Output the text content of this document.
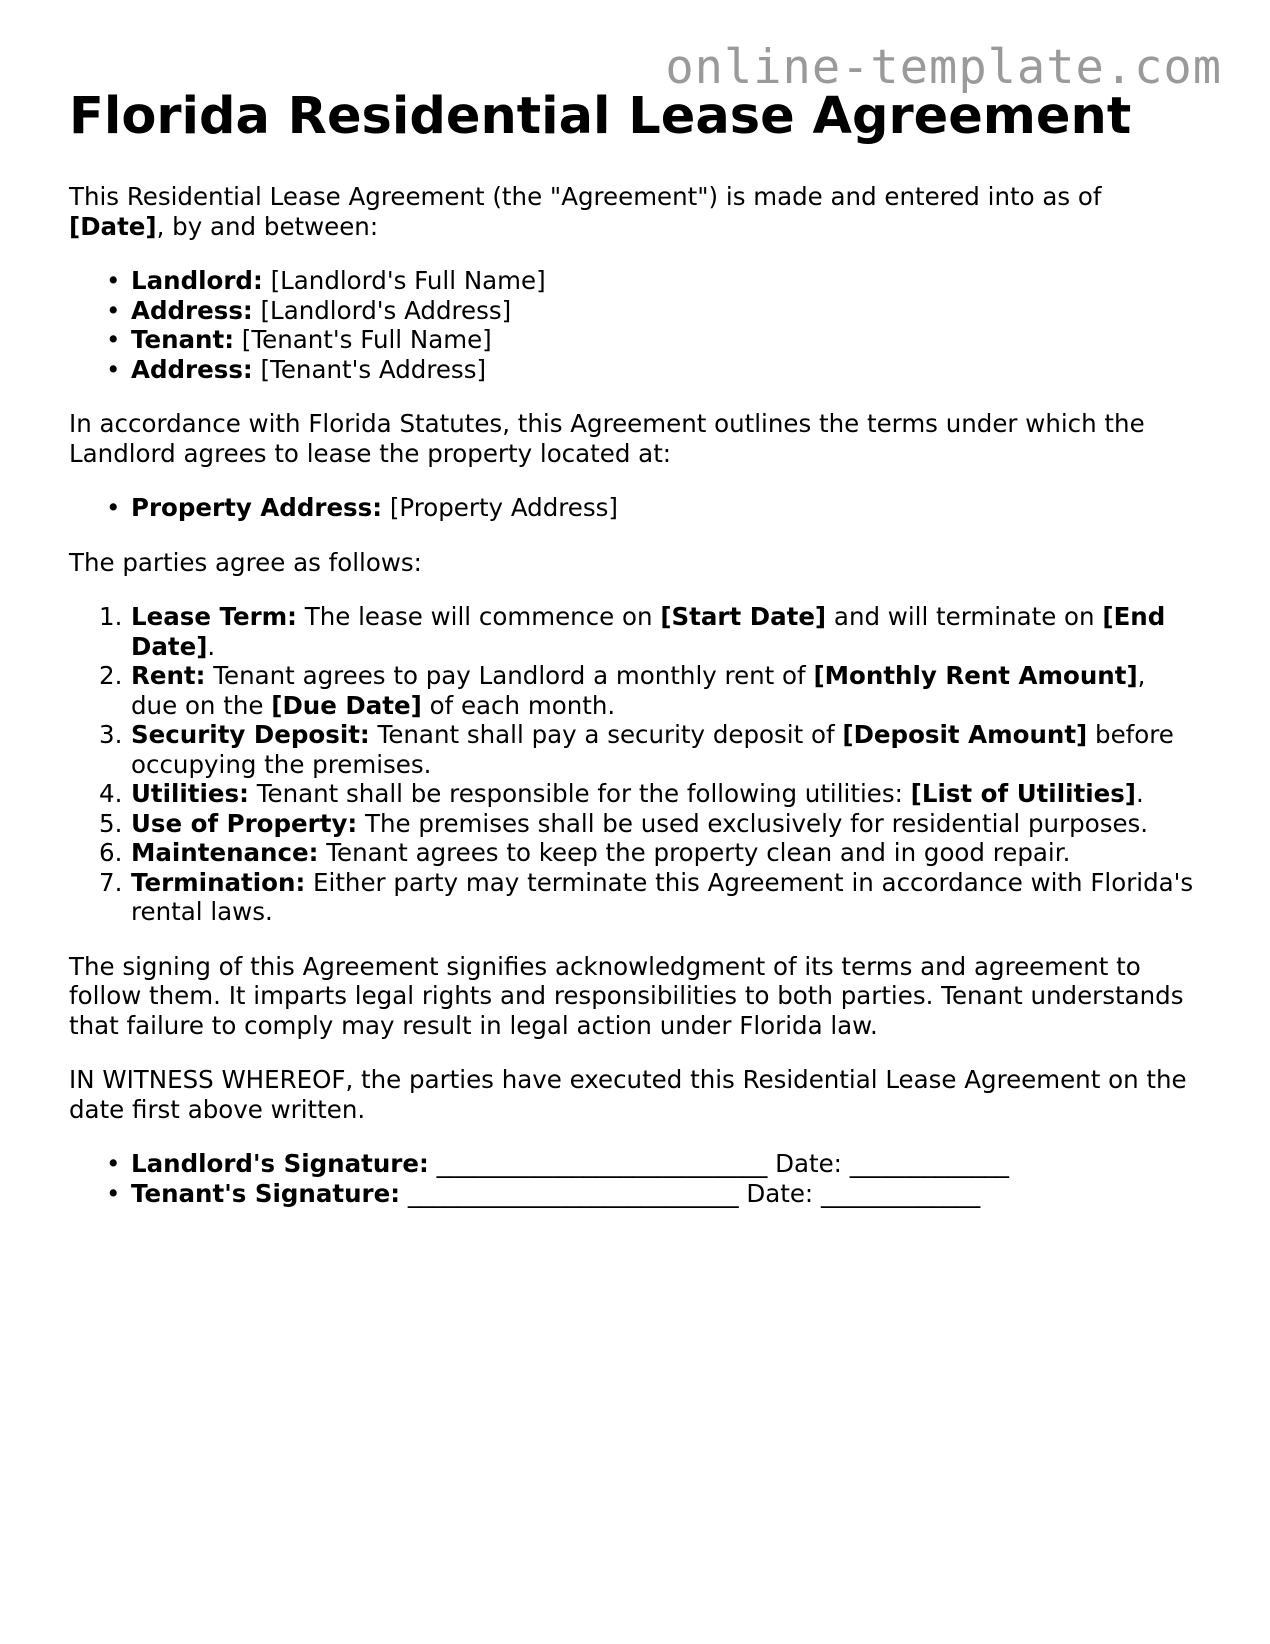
online-template.com
Florida Residential Lease Agreement

This Residential Lease Agreement (the "Agreement") is made and entered into as of [Date], by and between:

• Landlord: [Landlord's Full Name]
• Address: [Landlord's Address]
• Tenant: [Tenant's Full Name]
• Address: [Tenant's Address]

In accordance with Florida Statutes, this Agreement outlines the terms under which the Landlord agrees to lease the property located at:

• Property Address: [Property Address]

The parties agree as follows:

1. Lease Term: The lease will commence on [Start Date] and will terminate on [End Date].
2. Rent: Tenant agrees to pay Landlord a monthly rent of [Monthly Rent Amount], due on the [Due Date] of each month.
3. Security Deposit: Tenant shall pay a security deposit of [Deposit Amount] before occupying the premises.
4. Utilities: Tenant shall be responsible for the following utilities: [List of Utilities].
5. Use of Property: The premises shall be used exclusively for residential purposes.
6. Maintenance: Tenant agrees to keep the property clean and in good repair.
7. Termination: Either party may terminate this Agreement in accordance with Florida's rental laws.

The signing of this Agreement signifies acknowledgment of its terms and agreement to follow them. It imparts legal rights and responsibilities to both parties. Tenant understands that failure to comply may result in legal action under Florida law.

IN WITNESS WHEREOF, the parties have executed this Residential Lease Agreement on the date first above written.

• Landlord's Signature: ___________________________ Date: _____________
• Tenant's Signature: ___________________________ Date: _____________
